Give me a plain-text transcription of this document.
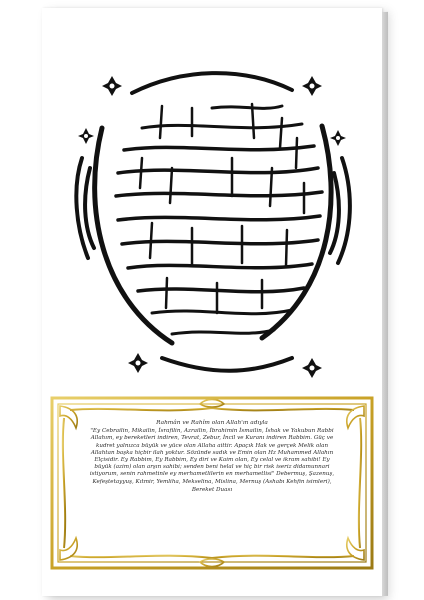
Rahmân ve Rahîm olan Allah'ın adıyla
"Ey Cebrailin, Mikailin, İsrafilin, Azrailin, İbrahimin İsmailin, İshak ve Yakubun Rabbi Allahım, ey bereketleri indiren, Tevrat, Zebur, İncil ve Kuranı indiren Rabbim. Güç ve kudret yalnızca büyük ve yüce olan Allaha aittir. Apaçık Hak ve gerçek Melik olan Allahtan başka hiçbir ilah yoktur. Sözünde sadık ve Emin olan Hz Muhammed Allahın Elçisidir. Ey Rabbim, Ey Rabbim, Ey diri ve Kaim olan, Ey celal ve ikram sahibi! Ey büyük (azim) olan arşın sahibi; senden beni helal ve hiç bir risk iseriz didamunnari istiyorum, senin rahmetinle ey merhametlilerin en merhametlisi" Debermuş, Şazenuş, Kefeştetayyuş, Kıtmir, Yemliha, Mekselina, Mislina, Mernuş (Ashabı Kehfin isimleri),
Bereket Duası
